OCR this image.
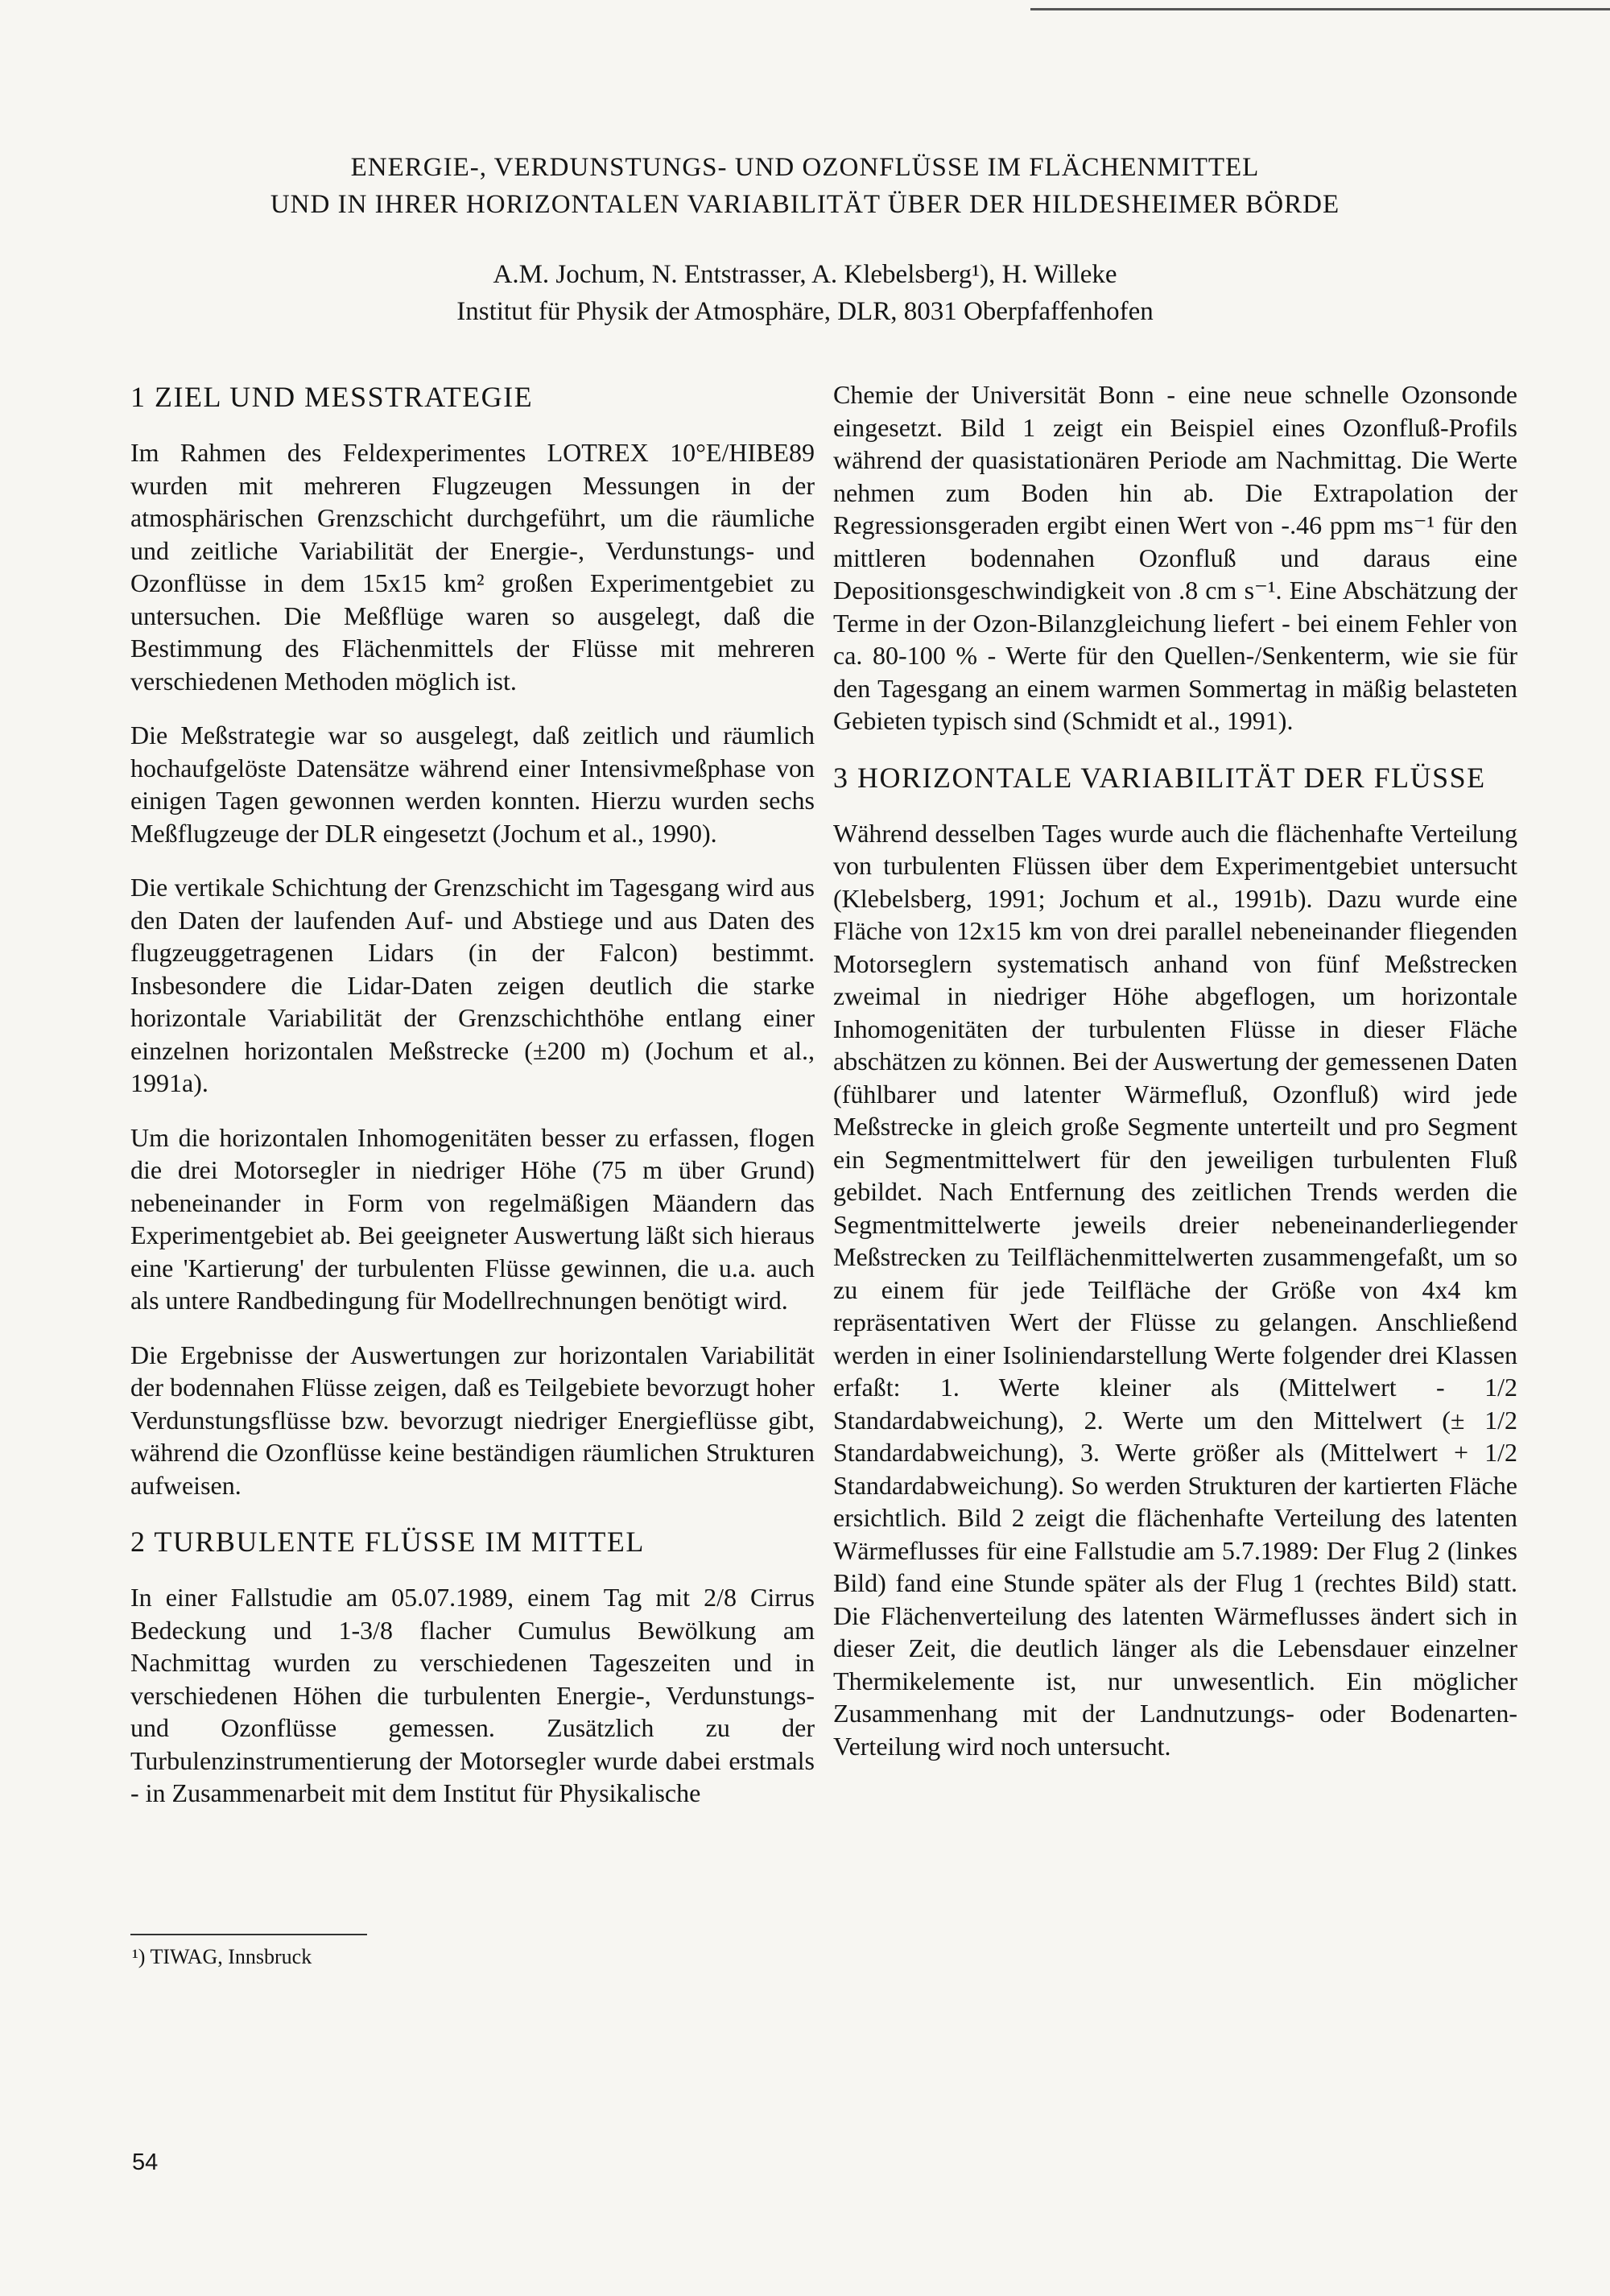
ENERGIE-, VERDUNSTUNGS- UND OZONFLÜSSE IM FLÄCHENMITTEL
UND IN IHRER HORIZONTALEN VARIABILITÄT ÜBER DER HILDESHEIMER BÖRDE
A.M. Jochum, N. Entstrasser, A. Klebelsberg¹), H. Willeke
Institut für Physik der Atmosphäre, DLR, 8031 Oberpfaffenhofen
1 ZIEL UND MESSTRATEGIE

Im Rahmen des Feldexperimentes LOTREX 10°E/HIBE89 wurden mit mehreren Flugzeugen Messungen in der atmosphärischen Grenzschicht durchgeführt, um die räumliche und zeitliche Variabilität der Energie-, Verdunstungs- und Ozonflüsse in dem 15x15 km² großen Experimentgebiet zu untersuchen. Die Meßflüge waren so ausgelegt, daß die Bestimmung des Flächenmittels der Flüsse mit mehreren verschiedenen Methoden möglich ist.

Die Meßstrategie war so ausgelegt, daß zeitlich und räumlich hochaufgelöste Datensätze während einer Intensivmeßphase von einigen Tagen gewonnen werden konnten. Hierzu wurden sechs Meßflugzeuge der DLR eingesetzt (Jochum et al., 1990).

Die vertikale Schichtung der Grenzschicht im Tagesgang wird aus den Daten der laufenden Auf- und Abstiege und aus Daten des flugzeuggetragenen Lidars (in der Falcon) bestimmt. Insbesondere die Lidar-Daten zeigen deutlich die starke horizontale Variabilität der Grenzschichthöhe entlang einer einzelnen horizontalen Meßstrecke (±200 m) (Jochum et al., 1991a).

Um die horizontalen Inhomogenitäten besser zu erfassen, flogen die drei Motorsegler in niedriger Höhe (75 m über Grund) nebeneinander in Form von regelmäßigen Mäandern das Experimentgebiet ab. Bei geeigneter Auswertung läßt sich hieraus eine 'Kartierung' der turbulenten Flüsse gewinnen, die u.a. auch als untere Randbedingung für Modellrechnungen benötigt wird.

Die Ergebnisse der Auswertungen zur horizontalen Variabilität der bodennahen Flüsse zeigen, daß es Teilgebiete bevorzugt hoher Verdunstungsflüsse bzw. bevorzugt niedriger Energieflüsse gibt, während die Ozonflüsse keine beständigen räumlichen Strukturen aufweisen.

2 TURBULENTE FLÜSSE IM MITTEL

In einer Fallstudie am 05.07.1989, einem Tag mit 2/8 Cirrus Bedeckung und 1-3/8 flacher Cumulus Bewölkung am Nachmittag wurden zu verschiedenen Tageszeiten und in verschiedenen Höhen die turbulenten Energie-, Verdunstungs- und Ozonflüsse gemessen. Zusätzlich zu der Turbulenzinstrumentierung der Motorsegler wurde dabei erstmals - in Zusammenarbeit mit dem Institut für Physikalische

Chemie der Universität Bonn - eine neue schnelle Ozonsonde eingesetzt. Bild 1 zeigt ein Beispiel eines Ozonfluß-Profils während der quasistationären Periode am Nachmittag. Die Werte nehmen zum Boden hin ab. Die Extrapolation der Regressionsgeraden ergibt einen Wert von -.46 ppm ms⁻¹ für den mittleren bodennahen Ozonfluß und daraus eine Depositionsgeschwindigkeit von .8 cm s⁻¹. Eine Abschätzung der Terme in der Ozon-Bilanzgleichung liefert - bei einem Fehler von ca. 80-100 % - Werte für den Quellen-/Senkenterm, wie sie für den Tagesgang an einem warmen Sommertag in mäßig belasteten Gebieten typisch sind (Schmidt et al., 1991).

3 HORIZONTALE VARIABILITÄT DER FLÜSSE

Während desselben Tages wurde auch die flächenhafte Verteilung von turbulenten Flüssen über dem Experimentgebiet untersucht (Klebelsberg, 1991; Jochum et al., 1991b). Dazu wurde eine Fläche von 12x15 km von drei parallel nebeneinander fliegenden Motorseglern systematisch anhand von fünf Meßstrecken zweimal in niedriger Höhe abgeflogen, um horizontale Inhomogenitäten der turbulenten Flüsse in dieser Fläche abschätzen zu können. Bei der Auswertung der gemessenen Daten (fühlbarer und latenter Wärmefluß, Ozonfluß) wird jede Meßstrecke in gleich große Segmente unterteilt und pro Segment ein Segmentmittelwert für den jeweiligen turbulenten Fluß gebildet. Nach Entfernung des zeitlichen Trends werden die Segmentmittelwerte jeweils dreier nebeneinanderliegender Meßstrecken zu Teilflächenmittelwerten zusammengefaßt, um so zu einem für jede Teilfläche der Größe von 4x4 km repräsentativen Wert der Flüsse zu gelangen. Anschließend werden in einer Isoliniendarstellung Werte folgender drei Klassen erfaßt: 1. Werte kleiner als (Mittelwert - 1/2 Standardabweichung), 2. Werte um den Mittelwert (± 1/2 Standardabweichung), 3. Werte größer als (Mittelwert + 1/2 Standardabweichung). So werden Strukturen der kartierten Fläche ersichtlich. Bild 2 zeigt die flächenhafte Verteilung des latenten Wärmeflusses für eine Fallstudie am 5.7.1989: Der Flug 2 (linkes Bild) fand eine Stunde später als der Flug 1 (rechtes Bild) statt. Die Flächenverteilung des latenten Wärmeflusses ändert sich in dieser Zeit, die deutlich länger als die Lebensdauer einzelner Thermikelemente ist, nur unwesentlich. Ein möglicher Zusammenhang mit der Landnutzungs- oder Bodenarten-Verteilung wird noch untersucht.

¹) TIWAG, Innsbruck
54
